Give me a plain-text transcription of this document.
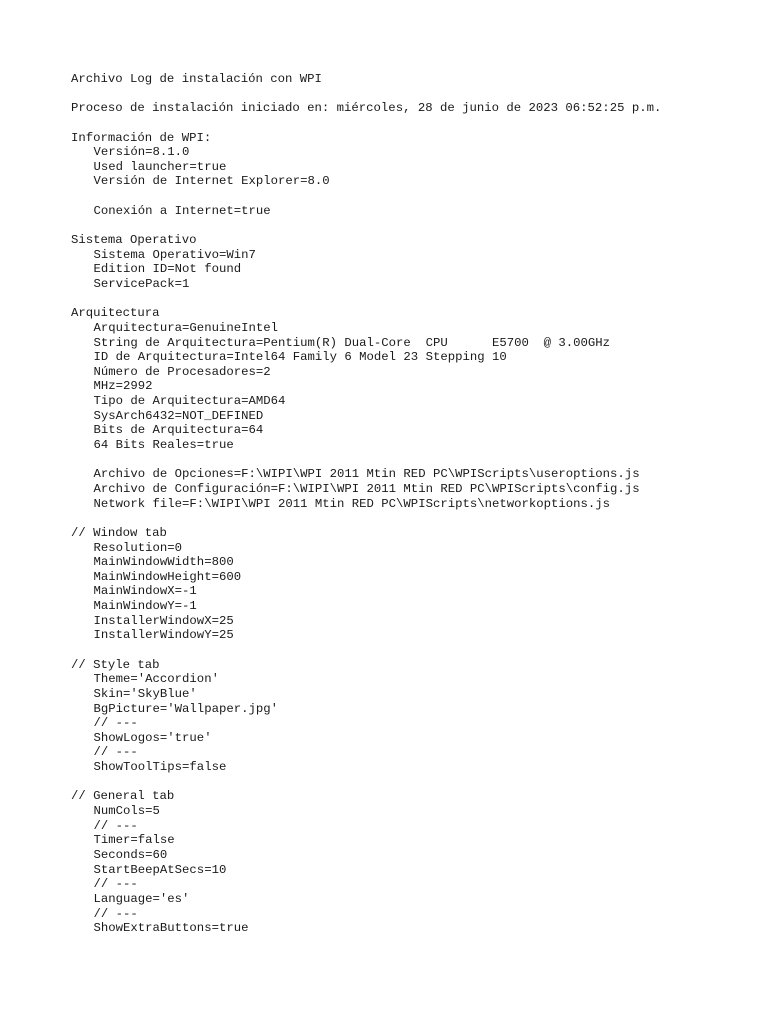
Archivo Log de instalación con WPI
Proceso de instalación iniciado en: miércoles, 28 de junio de 2023 06:52:25 p.m.
Información de WPI:
Versión=8.1.0
Used launcher=true
Versión de Internet Explorer=8.0
Conexión a Internet=true
Sistema Operativo
Sistema Operativo=Win7
Edition ID=Not found
ServicePack=1
Arquitectura
Arquitectura=GenuineIntel
String de Arquitectura=Pentium(R) Dual-Core  CPU      E5700  @ 3.00GHz
ID de Arquitectura=Intel64 Family 6 Model 23 Stepping 10
Número de Procesadores=2
MHz=2992
Tipo de Arquitectura=AMD64
SysArch6432=NOT_DEFINED
Bits de Arquitectura=64
64 Bits Reales=true
Archivo de Opciones=F:\WIPI\WPI 2011 Mtin RED PC\WPIScripts\useroptions.js
Archivo de Configuración=F:\WIPI\WPI 2011 Mtin RED PC\WPIScripts\config.js
Network file=F:\WIPI\WPI 2011 Mtin RED PC\WPIScripts\networkoptions.js
// Window tab
Resolution=0
MainWindowWidth=800
MainWindowHeight=600
MainWindowX=-1
MainWindowY=-1
InstallerWindowX=25
InstallerWindowY=25
// Style tab
Theme='Accordion'
Skin='SkyBlue'
BgPicture='Wallpaper.jpg'
// ---
ShowLogos='true'
// ---
ShowToolTips=false
// General tab
NumCols=5
// ---
Timer=false
Seconds=60
StartBeepAtSecs=10
// ---
Language='es'
// ---
ShowExtraButtons=true
